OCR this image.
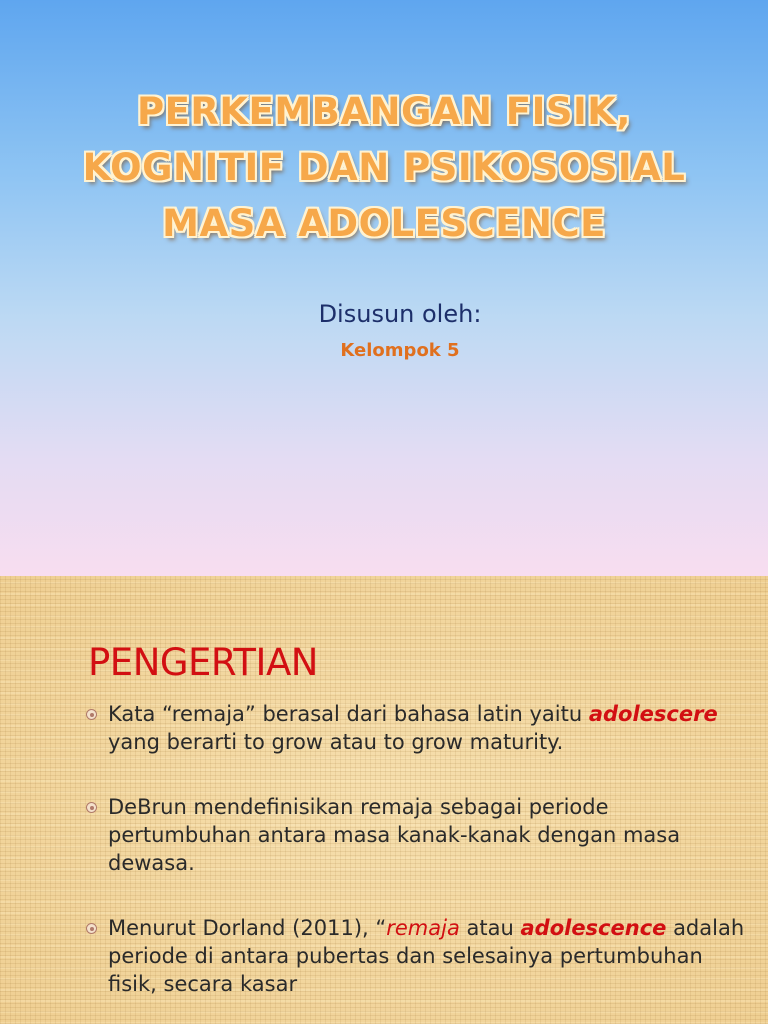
PERKEMBANGAN FISIK,
KOGNITIF DAN PSIKOSOSIAL
MASA ADOLESCENCE
Disusun oleh:
Kelompok 5
PENGERTIAN
Kata “remaja” berasal dari bahasa latin yaitu adolescere yang berarti to grow atau to grow maturity.
DeBrun mendefinisikan remaja sebagai periode pertumbuhan antara masa kanak-kanak dengan masa dewasa.
Menurut Dorland (2011), “remaja atau adolescence adalah periode di antara pubertas dan selesainya pertumbuhan fisik, secara kasar
